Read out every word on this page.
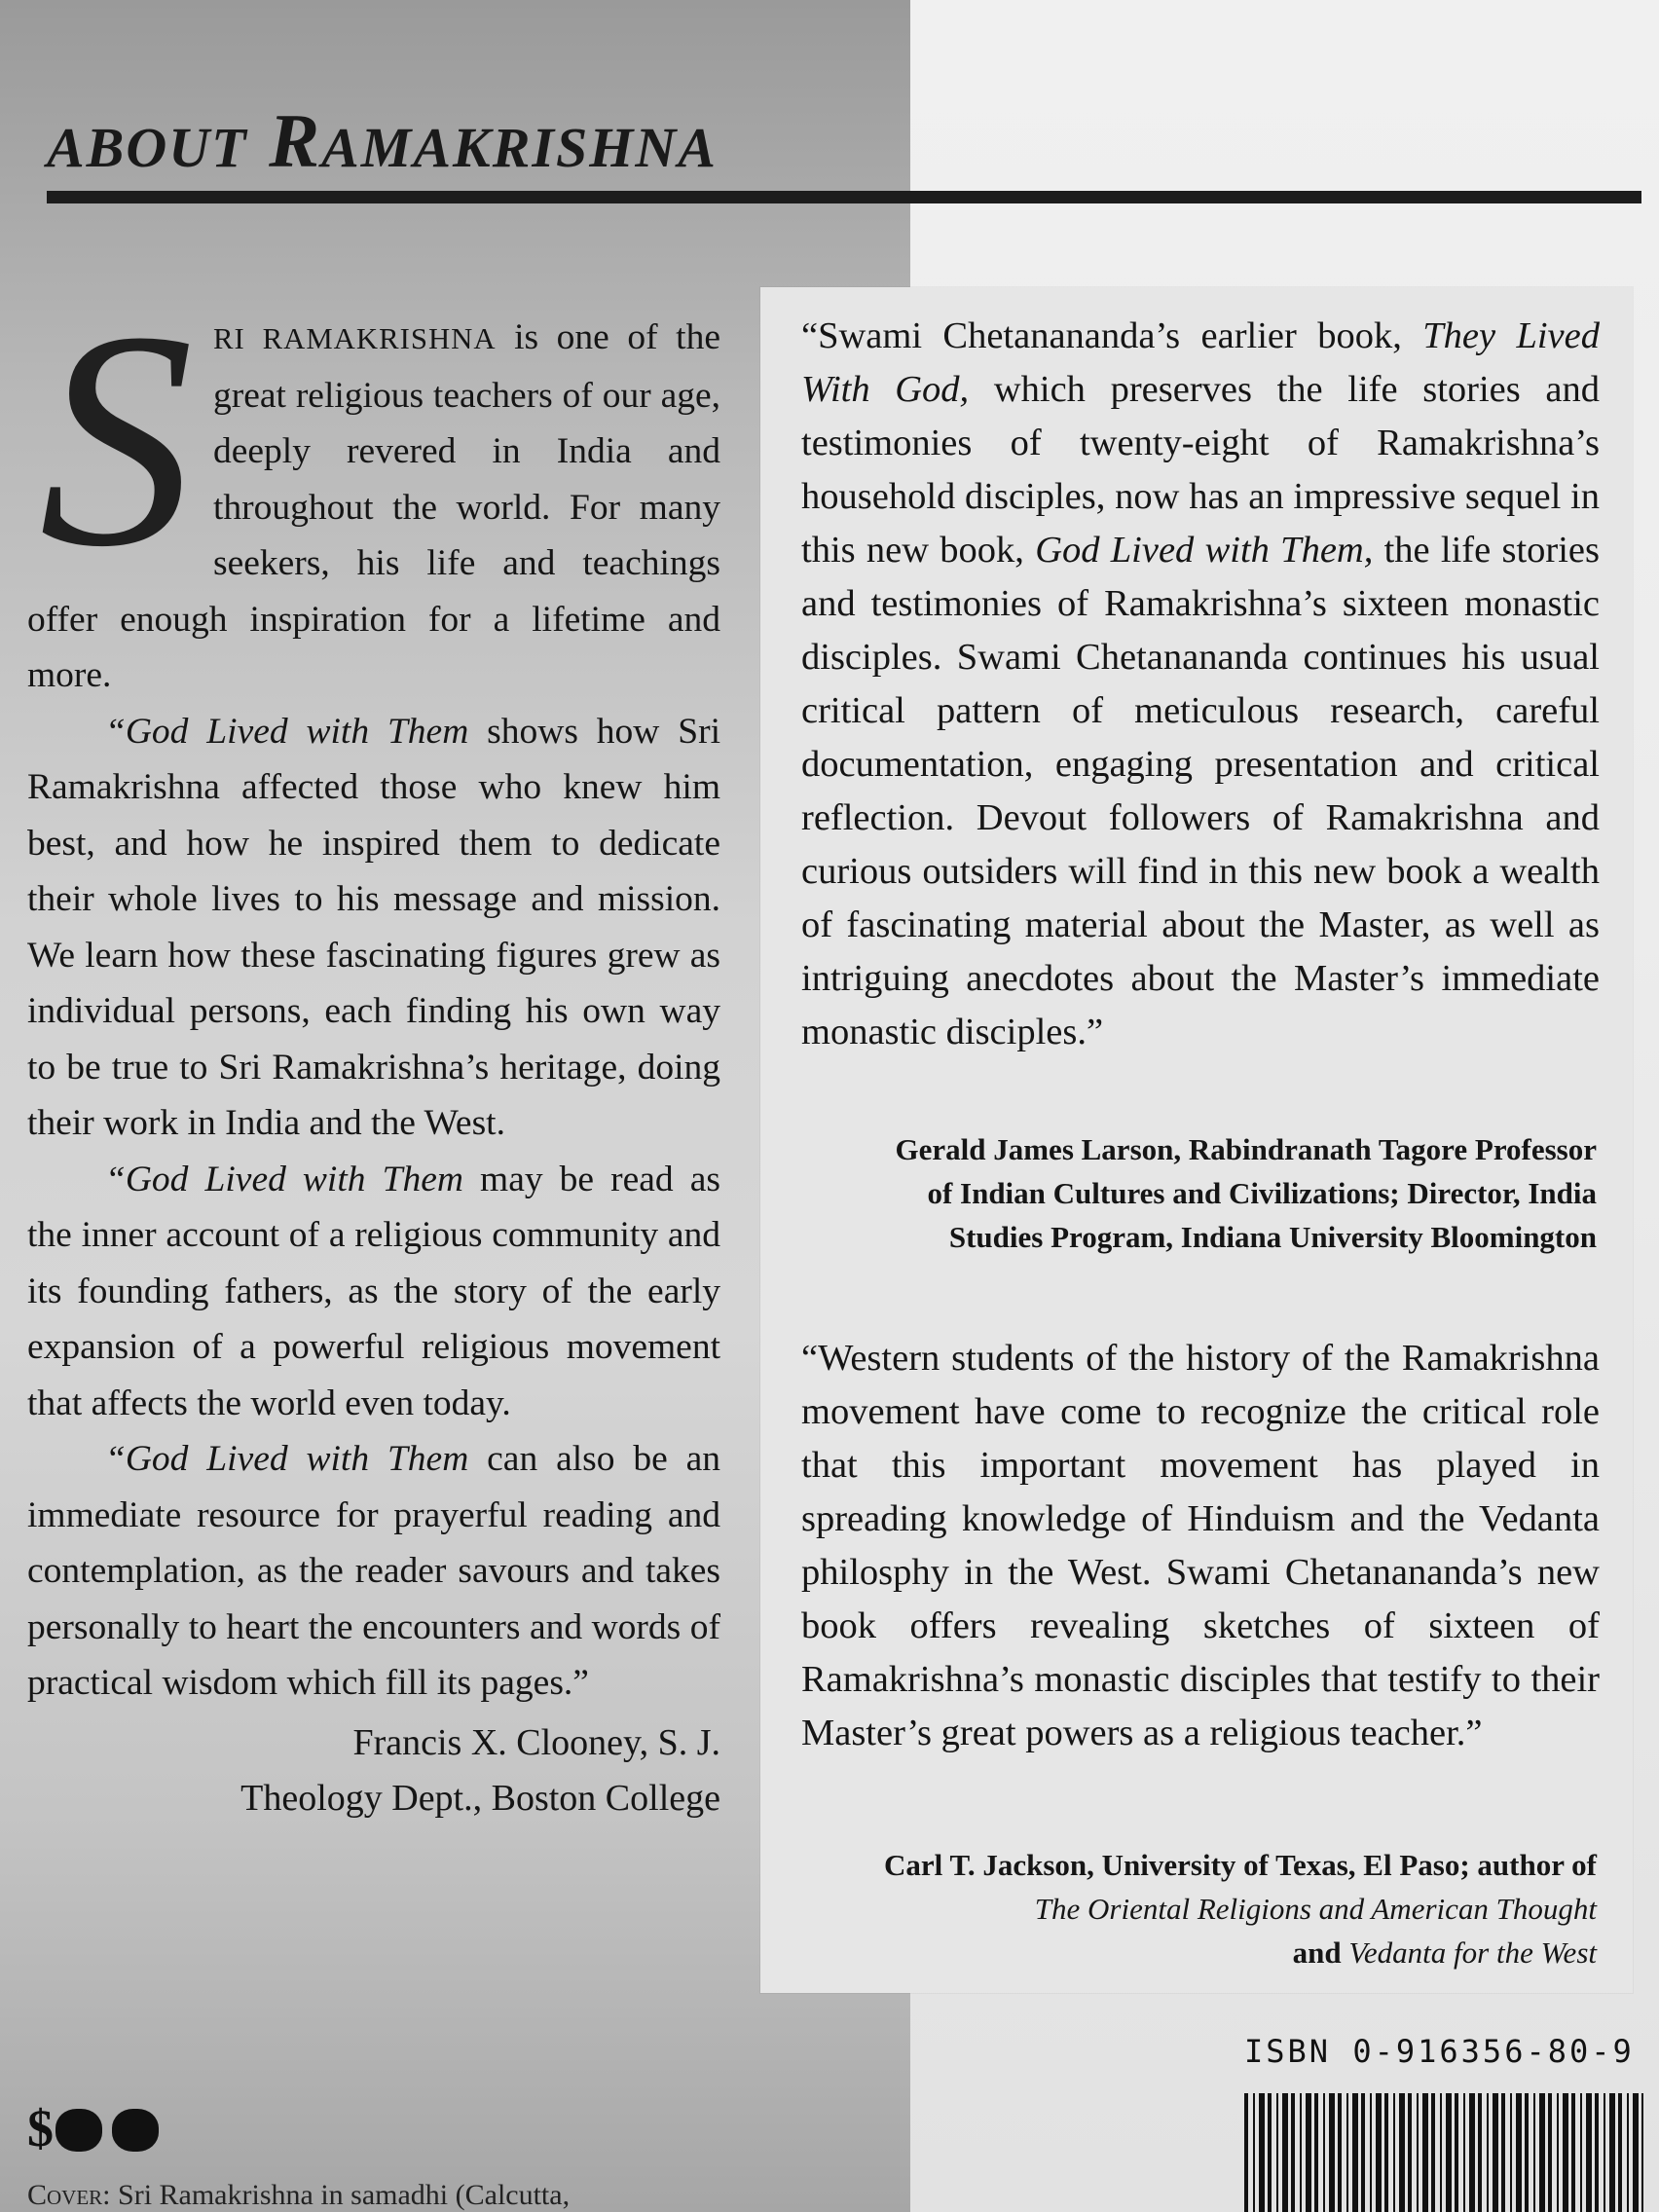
ABOUT RAMAKRISHNA

SRI RAMAKRISHNA is one of the great religious teachers of our age, deeply revered in India and throughout the world. For many seekers, his life and teachings offer enough inspiration for a lifetime and more.

“God Lived with Them shows how Sri Ramakrishna affected those who knew him best, and how he inspired them to dedicate their whole lives to his message and mission. We learn how these fascinating figures grew as individual persons, each finding his own way to be true to Sri Ramakrishna’s heritage, doing their work in India and the West.

“God Lived with Them may be read as the inner account of a religious community and its founding fathers, as the story of the early expansion of a powerful religious movement that affects the world even today.

“God Lived with Them can also be an immediate resource for prayerful reading and contemplation, as the reader savours and takes personally to heart the encounters and words of practical wisdom which fill its pages.”

Francis X. Clooney, S. J.
Theology Dept., Boston College

“Swami Chetanananda’s earlier book, They Lived With God, which preserves the life stories and testimonies of twenty-eight of Ramakrishna’s household disciples, now has an impressive sequel in this new book, God Lived with Them, the life stories and testimonies of Ramakrishna’s sixteen monastic disciples. Swami Chetanananda continues his usual critical pattern of meticulous research, careful documentation, engaging presentation and critical reflection. Devout followers of Ramakrishna and curious outsiders will find in this new book a wealth of fascinating material about the Master, as well as intriguing anecdotes about the Master’s immediate monastic disciples.”

Gerald James Larson, Rabindranath Tagore Professor
of Indian Cultures and Civilizations; Director, India
Studies Program, Indiana University Bloomington

“Western students of the history of the Ramakrishna movement have come to recognize the critical role that this important movement has played in spreading knowledge of Hinduism and the Vedanta philosphy in the West. Swami Chetanananda’s new book offers revealing sketches of sixteen of Ramakrishna’s monastic disciples that testify to their Master’s great powers as a religious teacher.”

Carl T. Jackson, University of Texas, El Paso; author of
The Oriental Religions and American Thought
and Vedanta for the West
ISBN 0-916356-80-9
$
Cover: Sri Ramakrishna in samadhi (Calcutta,
